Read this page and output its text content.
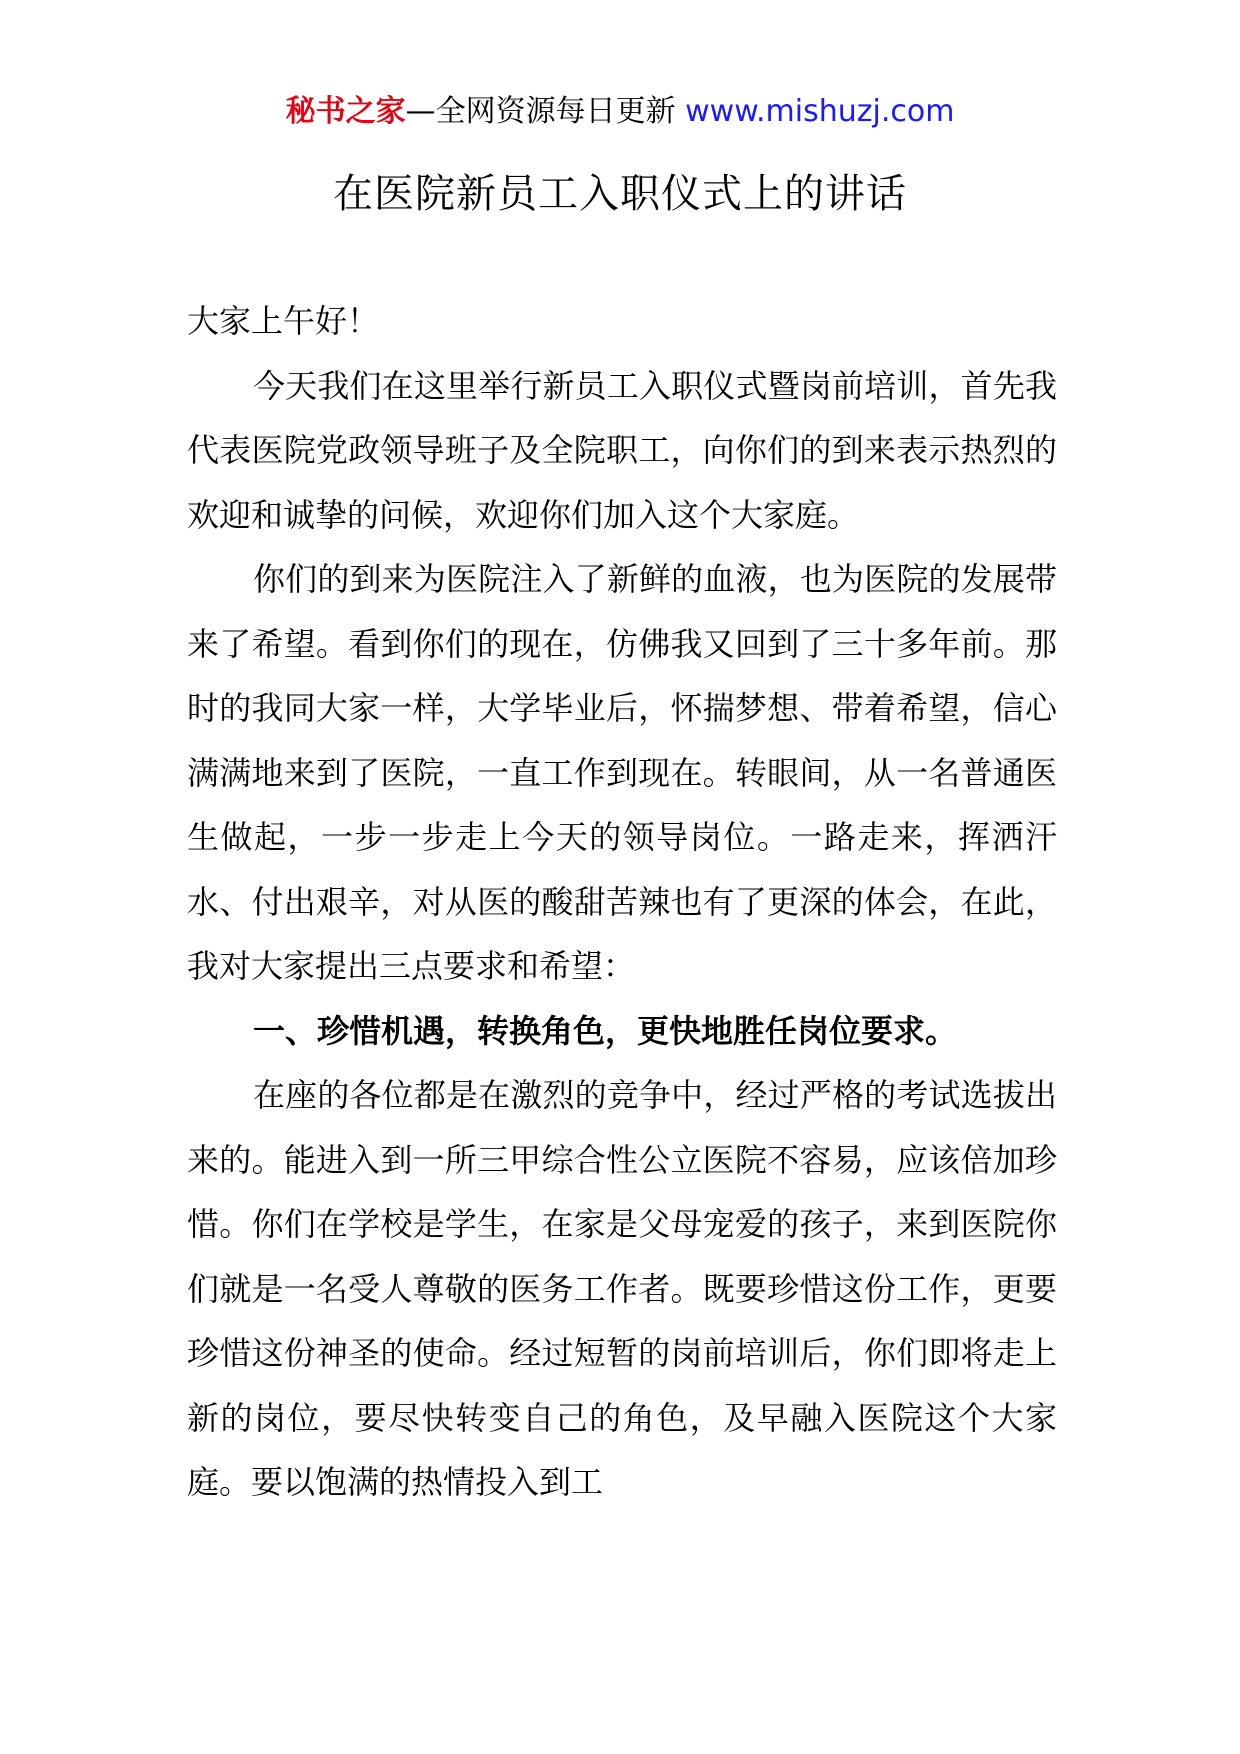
秘书之家—全网资源每日更新 www.mishuzj.com
在医院新员工入职仪式上的讲话

大家上午好！

今天我们在这里举行新员工入职仪式暨岗前培训，首先我代表医院党政领导班子及全院职工，向你们的到来表示热烈的欢迎和诚挚的问候，欢迎你们加入这个大家庭。

你们的到来为医院注入了新鲜的血液，也为医院的发展带来了希望。看到你们的现在，仿佛我又回到了三十多年前。那时的我同大家一样，大学毕业后，怀揣梦想、带着希望，信心满满地来到了医院，一直工作到现在。转眼间，从一名普通医生做起，一步一步走上今天的领导岗位。一路走来，挥洒汗水、付出艰辛，对从医的酸甜苦辣也有了更深的体会，在此，我对大家提出三点要求和希望：

一、珍惜机遇，转换角色，更快地胜任岗位要求。

在座的各位都是在激烈的竞争中，经过严格的考试选拔出来的。能进入到一所三甲综合性公立医院不容易，应该倍加珍惜。你们在学校是学生，在家是父母宠爱的孩子，来到医院你们就是一名受人尊敬的医务工作者。既要珍惜这份工作，更要珍惜这份神圣的使命。经过短暂的岗前培训后，你们即将走上新的岗位，要尽快转变自己的角色，及早融入医院这个大家庭。要以饱满的热情投入到工
